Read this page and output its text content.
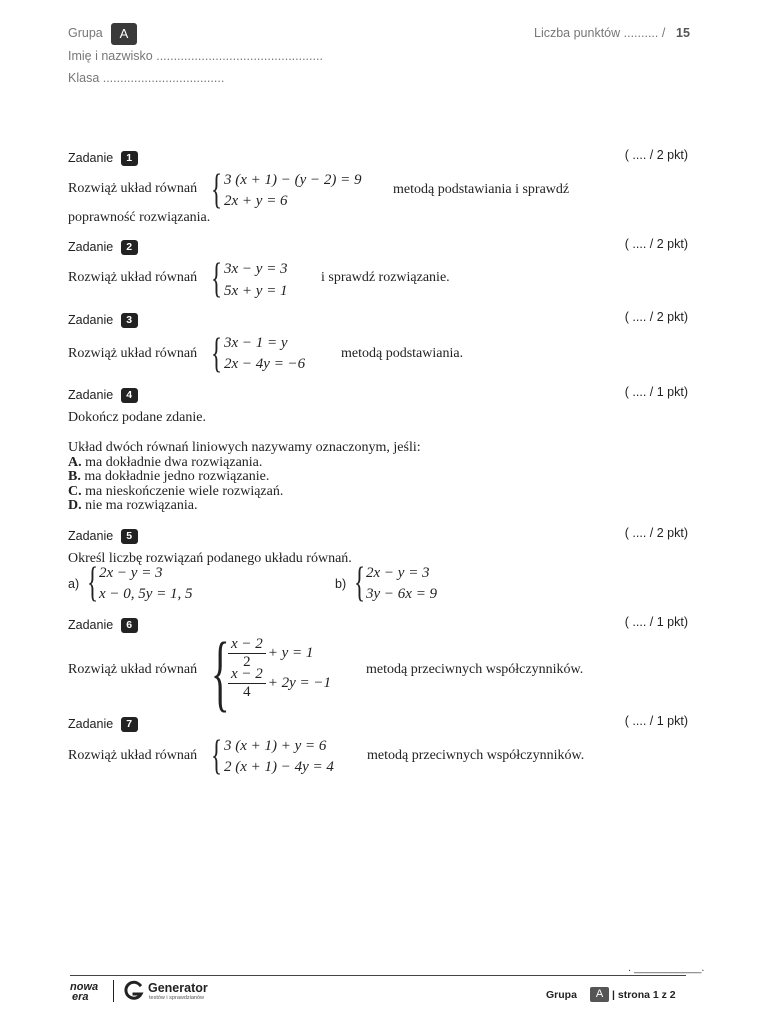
Grupa	A
Imię i nazwisko ................................................
Klasa ...................................
Liczba punktów .......... / 15
Zadanie 1	( .... / 2 pkt)
Rozwiąż układ równań { 3 (x + 1) − (y − 2) = 9
2x + y = 6
metodą podstawiania i sprawdź
poprawność rozwiązania.
Zadanie 2	( .... / 2 pkt)
Rozwiąż układ równań { 3x − y = 3
5x + y = 1
i sprawdź rozwiązanie.
Zadanie 3	( .... / 2 pkt)
Rozwiąż układ równań { 3x − 1 = y
2x − 4y = −6
metodą podstawiania.
Zadanie 4	( .... / 1 pkt)
Dokończ podane zdanie.
Układ dwóch równań liniowych nazywamy oznaczonym, jeśli:
A. ma dokładnie dwa rozwiązania.
B. ma dokładnie jedno rozwiązanie.
C. ma nieskończenie wiele rozwiązań.
D. nie ma rozwiązania.
Zadanie 5	( .... / 2 pkt)
Określ liczbę rozwiązań podanego układu równań.
a) { 2x − y = 3
x − 0, 5y = 1, 5
b) { 2x − y = 3
3y − 6x = 9
Zadanie 6	( .... / 1 pkt)
Rozwiąż układ równań {
$\frac{x - 2}{2} + y = 1$
$\frac{x - 2}{4} + 2y = -1$
metodą przeciwnych współczynników.
Zadanie 7	( .... / 1 pkt)
Rozwiąż układ równań { 3 (x + 1) + y = 6
2 (x + 1) − 4y = 4
metodą przeciwnych współczynników.
. ___________.
nowa
era
Generator
testów i sprawdzianów	Grupa	A | strona 1 z 2
